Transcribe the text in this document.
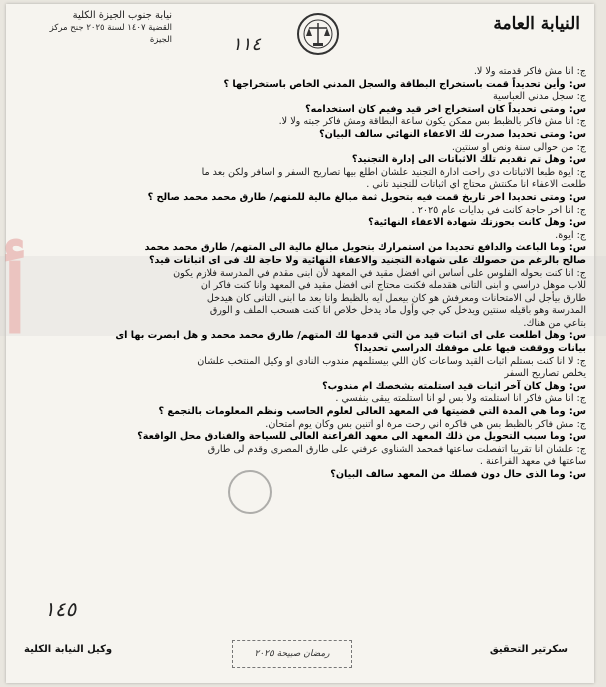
النيابة العامة
نيابة جنوب الجيزة الكلية
القضية ١٤٠٧ لسنة ٢٠٢٥ جنح مركز الجيزة	١١٤
أ
ج: انا مش فاكر قدمته ولا لا.
س: وأين تحديداً قمت باستخراج البطاقة والسجل المدني الخاص باستخراجها ؟
ج: سجل مدني العباسية
س: ومتى تحديداً كان استخراج اخر قيد وفيم كان استخدامه؟
ج: انا مش فاكر بالظبط بس ممكن يكون ساعة البطاقة ومش فاكر جبته ولا لا.
س: ومتى تحديدا صدرت لك الاعفاء النهائي سالف البيان؟
ج: من حوالى سنة ونص او سنتين.
س: وهل تم تقديم تلك الاثباتات الى إدارة التجنيد؟
ج: ايوة طبعا الاثباتات دى راحت ادارة التجنيد علشان اطلع بيها تصاريح السفر و اسافر ولكن بعد ما
طلعت الاعفاء انا مكنتش محتاج اي اثباتات للتجنيد تاني .
س: ومتى تحديدا اخر تاريخ قمت فيه بتحويل ثمة مبالغ مالية للمتهم/ طارق محمد محمد صالح ؟
ج: انا اخر حاجة كانت في بدايات عام ٢٠٢٥ .
س: وهل كانت بحوزتك شهادة الاعفاء النهائية؟
ج: ايوة.
س: وما الباعث والدافع تحديدا من استمرارك بتحويل مبالغ مالية الى المتهم/ طارق محمد محمد
صالح بالرغم من حصولك على شهادة التجنيد والاعفاء النهائية ولا حاجة لك فى اى اثباتات قيد؟
ج: انا كنت بحوله الفلوس على أساس اني افضل مقيد في المعهد لأن ابنى مقدم في المدرسة فلازم يكون
للاب موهل دراسي و ابنى التانى هقدمله فكنت محتاج انى افضل مقيد في المعهد وانا كنت فاكر ان
طارق بيأجل لى الامتحانات ومعرفش هو كان بيعمل ايه بالظبط وانا بعد ما ابنى التانى كان هيدخل
المدرسة وهو باقيله سنتين ويدخل كي جي وأول ماد يدخل خلاص انا كنت هسحب الملف و الورق
بتاعي من هناك.
س: وهل اطلعت على اى اثبات قيد من التي قدمها لك المتهم/ طارق محمد محمد و هل ابصرت بها اى
بيانات ووقفت فيها على موقفك الدراسي تحديدا؟
ج: لا انا كنت بستلم اثبات القيد وساعات كان اللي بيستلمهم مندوب النادى او وكيل المنتخب علشان
يخلص تصاريح السفر
س: وهل كان آخر اثبات قيد استلمته بشخصك ام مندوب؟
ج: انا مش فاكر انا استلمته ولا بس لو انا استلمته يبقى بنفسي .
س: وما هي المدة التي قضيتها في المعهد العالى لعلوم الحاسب ونظم المعلومات بالتجمع ؟
ج: مش فاكر بالظبط بس هي فاكره اني رحت مرة او اتنين بس وكان يوم امتحان.
س: وما سبب التحويل من ذلك المعهد الى معهد الفراعنة العالى للسياحة والفنادق محل الواقعة؟
ج: علشان انا تقريبا اتفصلت ساعتها فمحمد الشناوى عرفني على طارق المصرى وقدم لى طارق
ساعتها في معهد الفراعنة .
س: وما الذى حال دون فصلك من المعهد سالف البيان؟
١٤٥
سكرتير التحقيق
رمضان صبيحة ٢٠٢٥
وكيل النيابة الكلية
